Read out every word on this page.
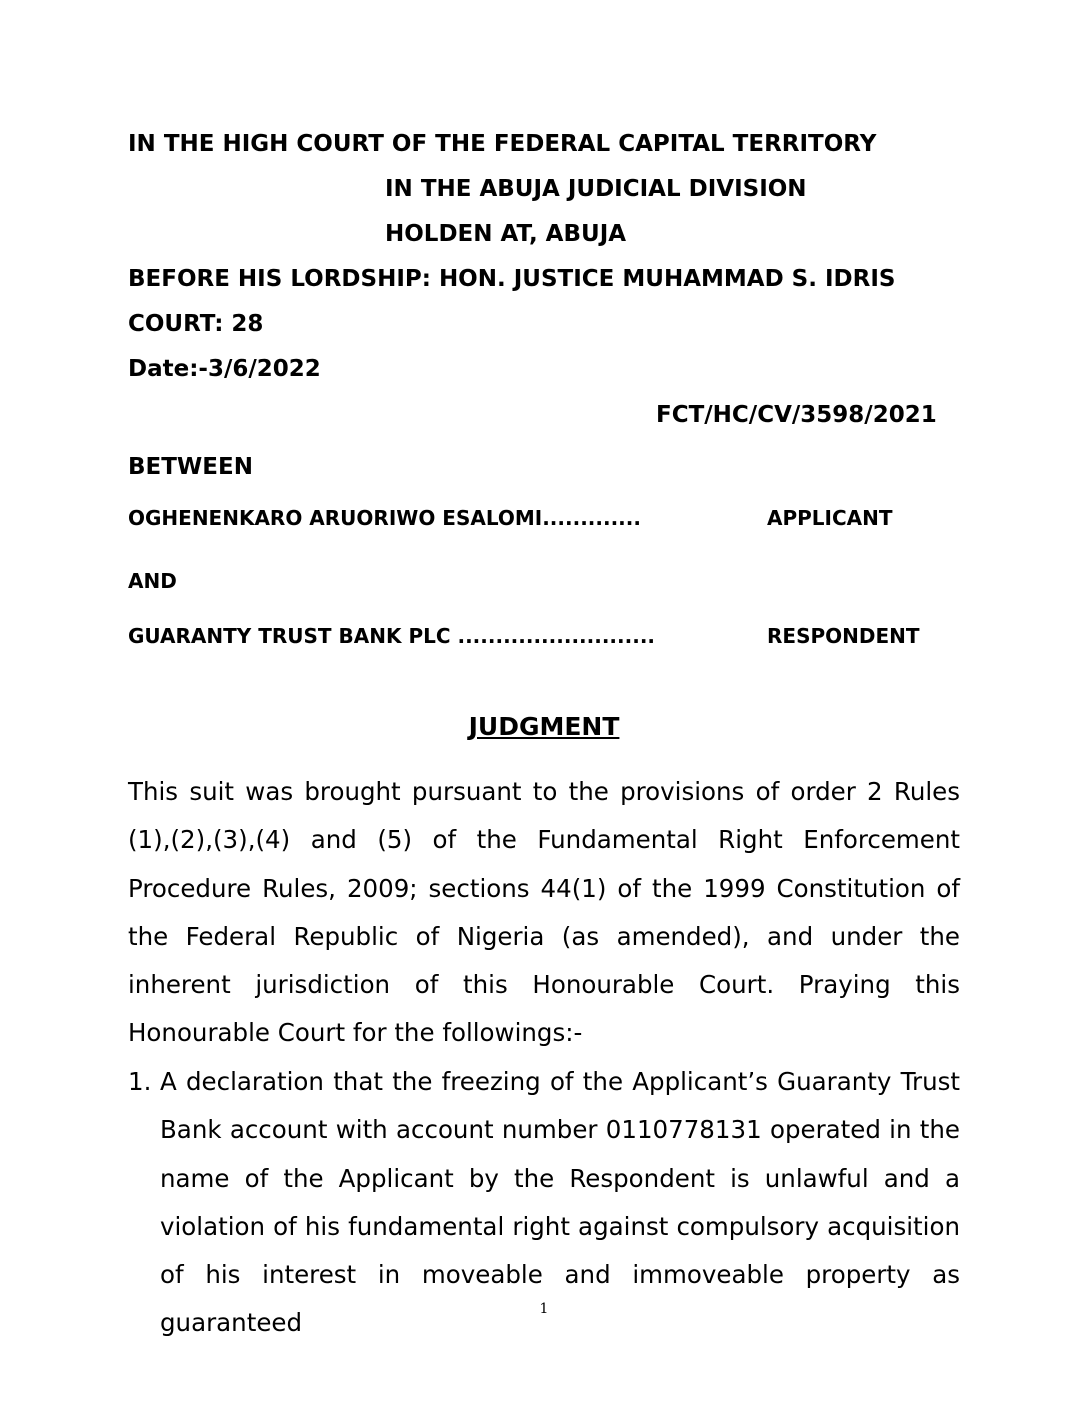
IN THE HIGH COURT OF THE FEDERAL CAPITAL TERRITORY
IN THE ABUJA JUDICIAL DIVISION
HOLDEN AT, ABUJA
BEFORE HIS LORDSHIP: HON. JUSTICE MUHAMMAD S. IDRIS
COURT: 28
Date:-3/6/2022
FCT/HC/CV/3598/2021
BETWEEN
OGHENENKARO ARUORIWO ESALOMI.............	APPLICANT
AND
GUARANTY TRUST BANK PLC ..........................	RESPONDENT
JUDGMENT

This suit was brought pursuant to the provisions of order 2 Rules (1),(2),(3),(4) and (5) of the Fundamental Right Enforcement Procedure Rules, 2009; sections 44(1) of the 1999 Constitution of the Federal Republic of Nigeria (as amended), and under the inherent jurisdiction of this Honourable Court. Praying this Honourable Court for the followings:-

1. A declaration that the freezing of the Applicant’s Guaranty Trust Bank account with account number 0110778131 operated in the name of the Applicant by the Respondent is unlawful and a violation of his fundamental right against compulsory acquisition of his interest in moveable and immoveable property as guaranteed	1
